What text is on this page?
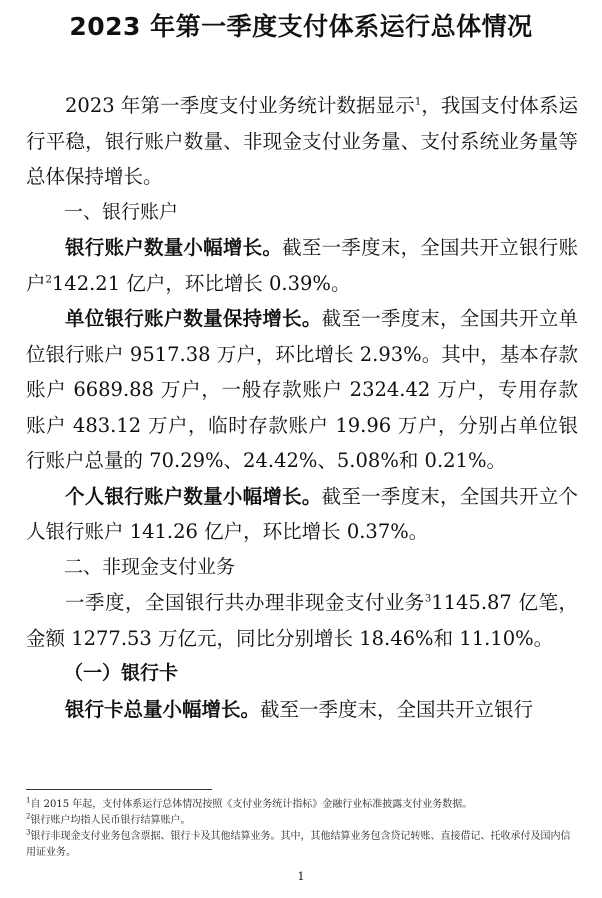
2023 年第一季度支付体系运行总体情况

2023 年第一季度支付业务统计数据显示$^1$，我国支付体系运行平稳，银行账户数量、非现金支付业务量、支付系统业务量等总体保持增长。

一、银行账户

银行账户数量小幅增长。截至一季度末，全国共开立银行账户$^2$142.21 亿户，环比增长 0.39%。

单位银行账户数量保持增长。截至一季度末，全国共开立单位银行账户 9517.38 万户，环比增长 2.93%。其中，基本存款账户 6689.88 万户，一般存款账户 2324.42 万户，专用存款账户 483.12 万户，临时存款账户 19.96 万户，分别占单位银行账户总量的 70.29%、24.42%、5.08%和 0.21%。

个人银行账户数量小幅增长。截至一季度末，全国共开立个人银行账户 141.26 亿户，环比增长 0.37%。

二、非现金支付业务

一季度，全国银行共办理非现金支付业务$^3$1145.87 亿笔，金额 1277.53 万亿元，同比分别增长 18.46%和 11.10%。

（一）银行卡

银行卡总量小幅增长。截至一季度末，全国共开立银行

$^1$自 2015 年起，支付体系运行总体情况按照《支付业务统计指标》金融行业标准披露支付业务数据。

$^2$银行账户均指人民币银行结算账户。

$^3$银行非现金支付业务包含票据、银行卡及其他结算业务。其中，其他结算业务包含贷记转账、直接借记、托收承付及国内信用证业务。

1
